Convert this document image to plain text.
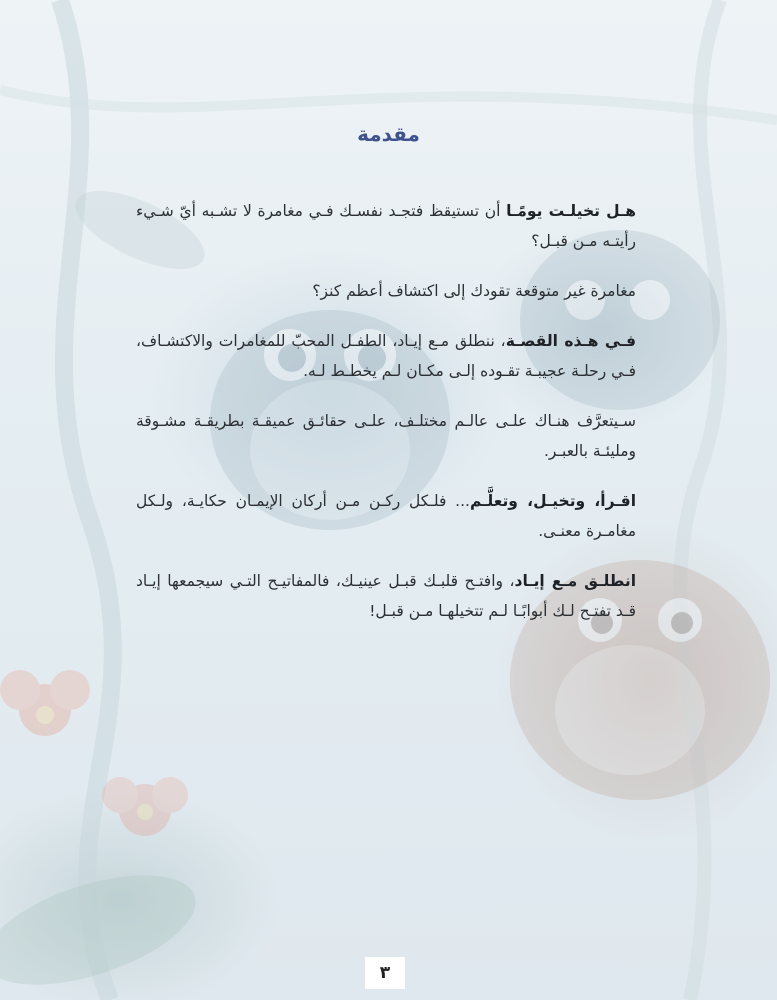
مقدمة

هـل تخيلـت يومًـا أن تستيقظ فتجـد نفسـك فـي مغامرة لا تشـبه أيّ شـيء رأيتـه مـن قبـل؟

مغامرة غير متوقعة تقودك إلى اكتشاف أعظم كنز؟

فـي هـذه القصـة، ننطلق مـع إيـاد، الطفـل المحبّ للمغامرات والاكتشـاف، فـي رحلـة عجيبـة تقـوده إلـى مكـان لـم يخطـط لـه.

سـيتعرَّف هنـاك علـى عالـم مختلـف، علـى حقائـق عميقـة بطريقـة مشـوقة ومليئـة بالعبـر.

اقـرأ، وتخيـل، وتعلَّـم... فلـكل ركـن مـن أركان الإيمـان حكايـة، ولـكل مغامـرة معنـى.

انطلـق مـع إيـاد، وافتـح قلبـك قبـل عينيـك، فالمفاتيـح التـي سيجمعها إيـاد قـد تفتـح لـك أبوابًـا لـم تتخيلهـا مـن قبـل!

٣
